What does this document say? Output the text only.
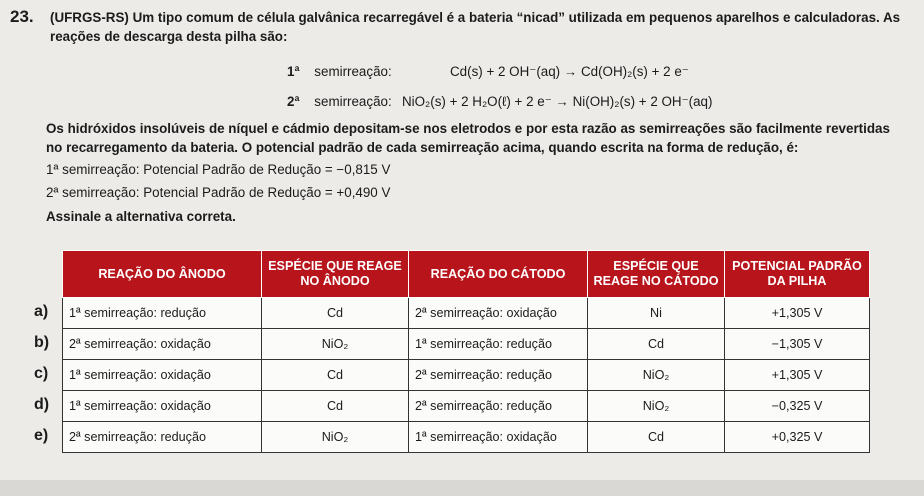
23. (UFRGS-RS) Um tipo comum de célula galvânica recarregável é a bateria “nicad” utilizada em pequenos aparelhos e calculadoras. As
reações de descarga desta pilha são:
1ª semirreação:	Cd(s) + 2 OH⁻(aq) → Cd(OH)₂(s) + 2 e⁻
2ª semirreação: NiO₂(s) + 2 H₂O(ℓ) + 2 e⁻ → Ni(OH)₂(s) + 2 OH⁻(aq)
Os hidróxidos insolúveis de níquel e cádmio depositam-se nos eletrodos e por esta razão as semirreações são facilmente revertidas
no recarregamento da bateria. O potencial padrão de cada semirreação acima, quando escrita na forma de redução, é:
1ª semirreação: Potencial Padrão de Redução = −0,815 V
2ª semirreação: Potencial Padrão de Redução = +0,490 V
Assinale a alternativa correta.
a)
b)
c)
d)
e)
REAÇÃO DO ÂNODO	ESPÉCIE QUE REAGE NO ÂNODO	REAÇÃO DO CÁTODO	ESPÉCIE QUE REAGE NO CÁTODO	POTENCIAL PADRÃO DA PILHA
1ª semirreação: redução	Cd	2ª semirreação: oxidação	Ni	+1,305 V
2ª semirreação: oxidação	NiO₂	1ª semirreação: redução	Cd	−1,305 V
1ª semirreação: oxidação	Cd	2ª semirreação: redução	NiO₂	+1,305 V
1ª semirreação: oxidação	Cd	2ª semirreação: redução	NiO₂	−0,325 V
2ª semirreação: redução	NiO₂	1ª semirreação: oxidação	Cd	+0,325 V
